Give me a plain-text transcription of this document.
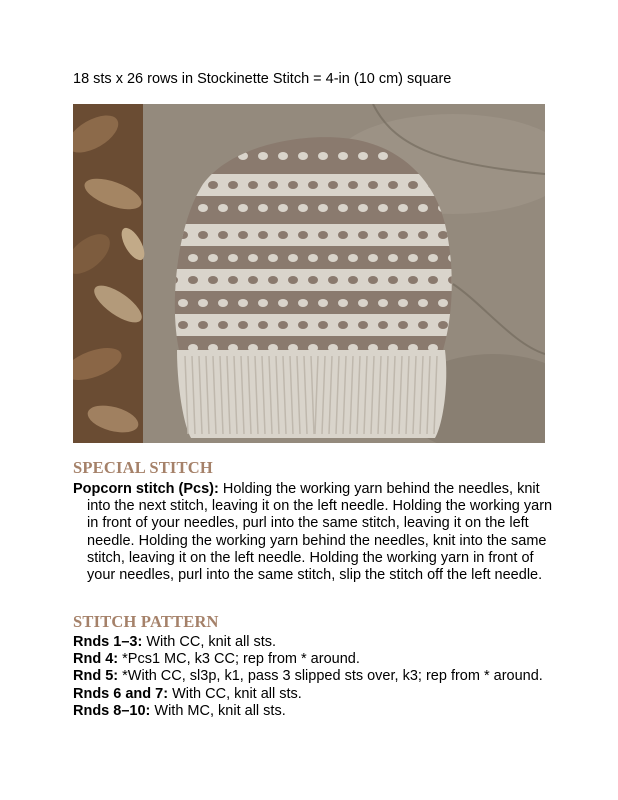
18 sts x 26 rows in Stockinette Stitch = 4-in (10 cm) square
SPECIAL STITCH
Popcorn stitch (Pcs): Holding the working yarn behind the needles, knit into the next stitch, leaving it on the left needle. Holding the working yarn in front of your needles, purl into the same stitch, leaving it on the left needle. Holding the working yarn behind the needles, knit into the same stitch, leaving it on the left needle. Holding the working yarn in front of your needles, purl into the same stitch, slip the stitch off the left needle.
STITCH PATTERN
Rnds 1–3: With CC, knit all sts.
Rnd 4: *Pcs1 MC, k3 CC; rep from * around.
Rnd 5: *With CC, sl3p, k1, pass 3 slipped sts over, k3; rep from * around.
Rnds 6 and 7: With CC, knit all sts.
Rnds 8–10: With MC, knit all sts.
